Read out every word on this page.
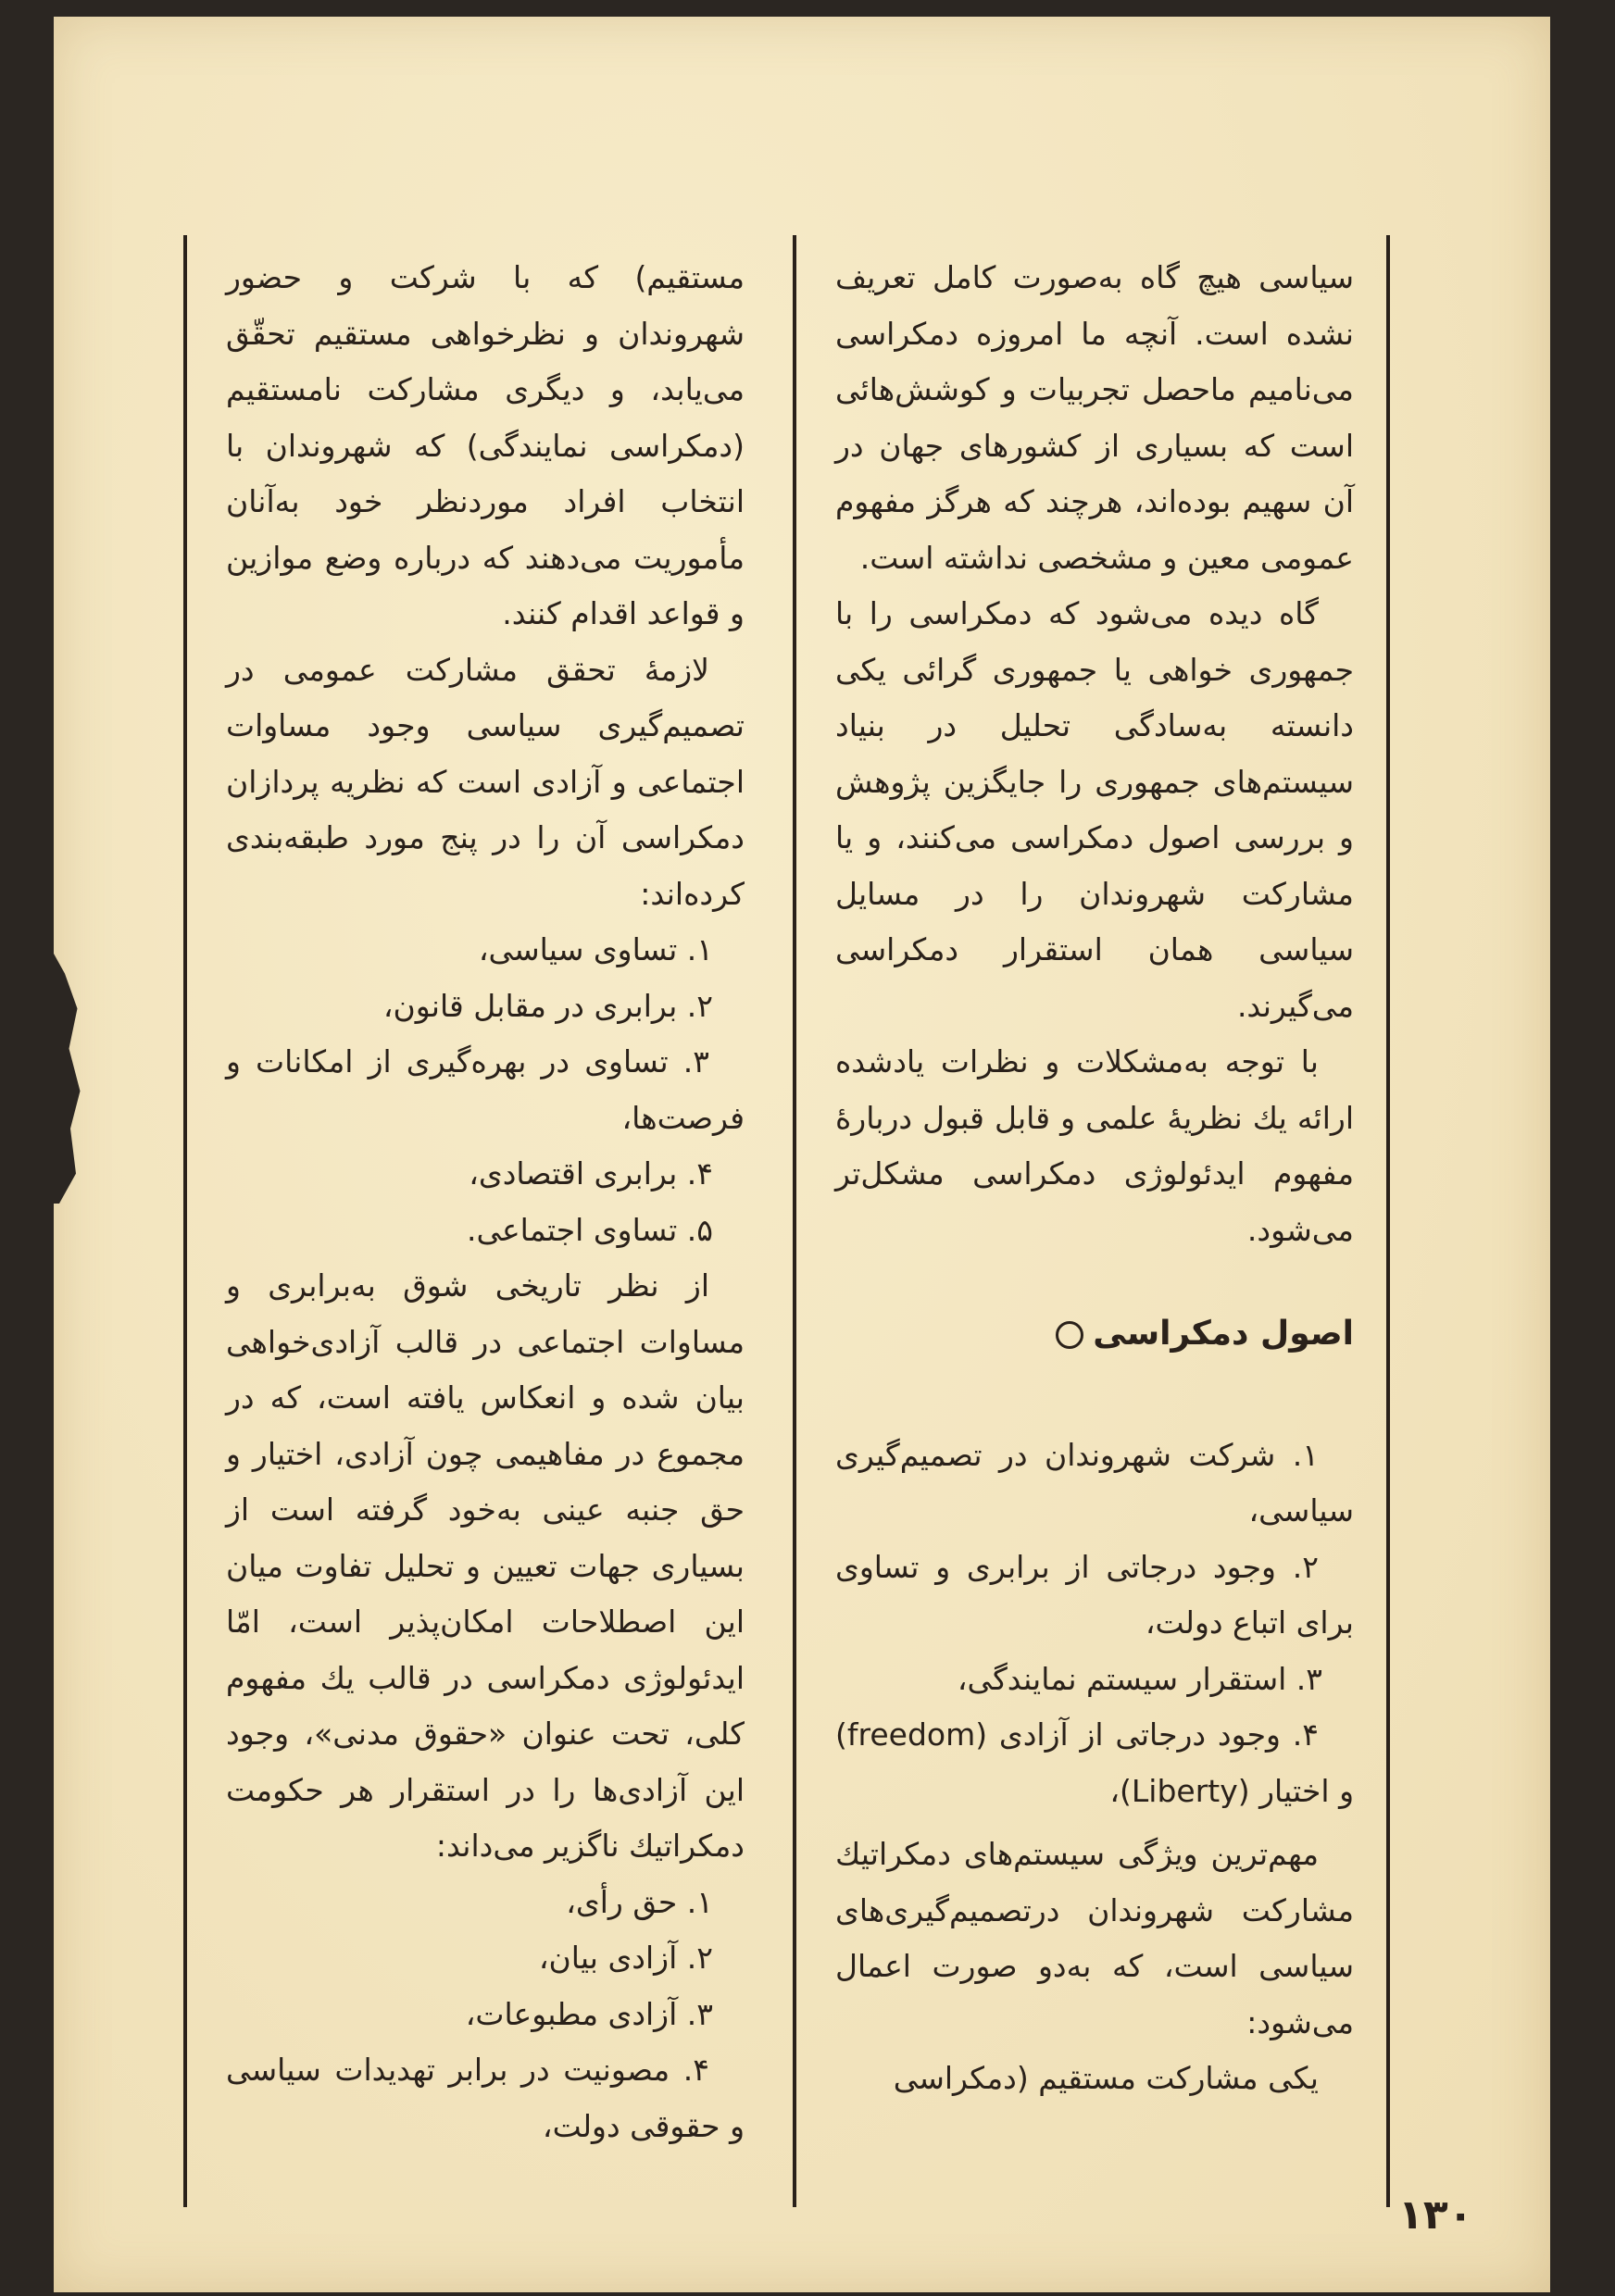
سیاسی هیچ گاه به‌صورت کامل تعریف نشده است. آنچه ما امروزه دمکراسی می‌نامیم ماحصل تجربیات و کوشش‌هائی است که بسیاری از کشورهای جهان در آن سهیم بوده‌اند، هرچند که هرگز مفهوم عمومی معین و مشخصی نداشته است.

گاه دیده می‌شود که دمکراسی را با جمهوری خواهی یا جمهوری گرائی یکی دانسته به‌سادگی تحلیل در بنیاد سیستم‌های جمهوری را جایگزین پژوهش و بررسی اصول دمکراسی می‌کنند، و یا مشارکت شهروندان را در مسایل سیاسی همان استقرار دمکراسی می‌گیرند.

با توجه به‌مشکلات و نظرات یادشده ارائه یك نظریهٔ علمی و قابل قبول دربارهٔ مفهوم ایدئولوژی دمکراسی مشکل‌تر می‌شود.

اصول دمکراسی

۱. شرکت شهروندان در تصمیم‌گیری سیاسی،

۲. وجود درجاتی از برابری و تساوی برای اتباع دولت،

۳. استقرار سیستم نمایندگی،

۴. وجود درجاتی از آزادی (freedom) و اختیار (Liberty)،

مهم‌ترین ویژگی سیستم‌های دمکراتیك مشارکت شهروندان درتصمیم‌گیری‌های سیاسی است، که به‌دو صورت اعمال می‌شود:

یکی مشارکت مستقیم (دمکراسی

مستقیم) که با شرکت و حضور شهروندان و نظرخواهی مستقیم تحقّق می‌یابد، و دیگری مشارکت نامستقیم (دمکراسی نمایندگی) که شهروندان با انتخاب افراد موردنظر خود به‌آنان مأموریت می‌دهند که درباره وضع موازین و قواعد اقدام کنند.

لازمهٔ تحقق مشارکت عمومی در تصمیم‌گیری سیاسی وجود مساوات اجتماعی و آزادی است که نظریه پردازان دمکراسی آن را در پنج مورد طبقه‌بندی کرده‌اند:

۱. تساوی سیاسی،

۲. برابری در مقابل قانون،

۳. تساوی در بهره‌گیری از امکانات و فرصت‌ها،

۴. برابری اقتصادی،

۵. تساوی اجتماعی.

از نظر تاریخی شوق به‌برابری و مساوات اجتماعی در قالب آزادی‌خواهی بیان شده و انعکاس یافته است، که در مجموع در مفاهیمی چون آزادی، اختیار و حق جنبه عینی به‌خود گرفته است از بسیاری جهات تعیین و تحلیل تفاوت میان این اصطلاحات امکان‌پذیر است، امّا ایدئولوژی دمکراسی در قالب یك مفهوم کلی، تحت عنوان «حقوق مدنی»، وجود این آزادی‌ها را در استقرار هر حکومت دمکراتیك ناگزیر می‌داند:

۱. حق رأی،

۲. آزادی بیان،

۳. آزادی مطبوعات،

۴. مصونیت در برابر تهدیدات سیاسی و حقوقی دولت،

۱۳۰
